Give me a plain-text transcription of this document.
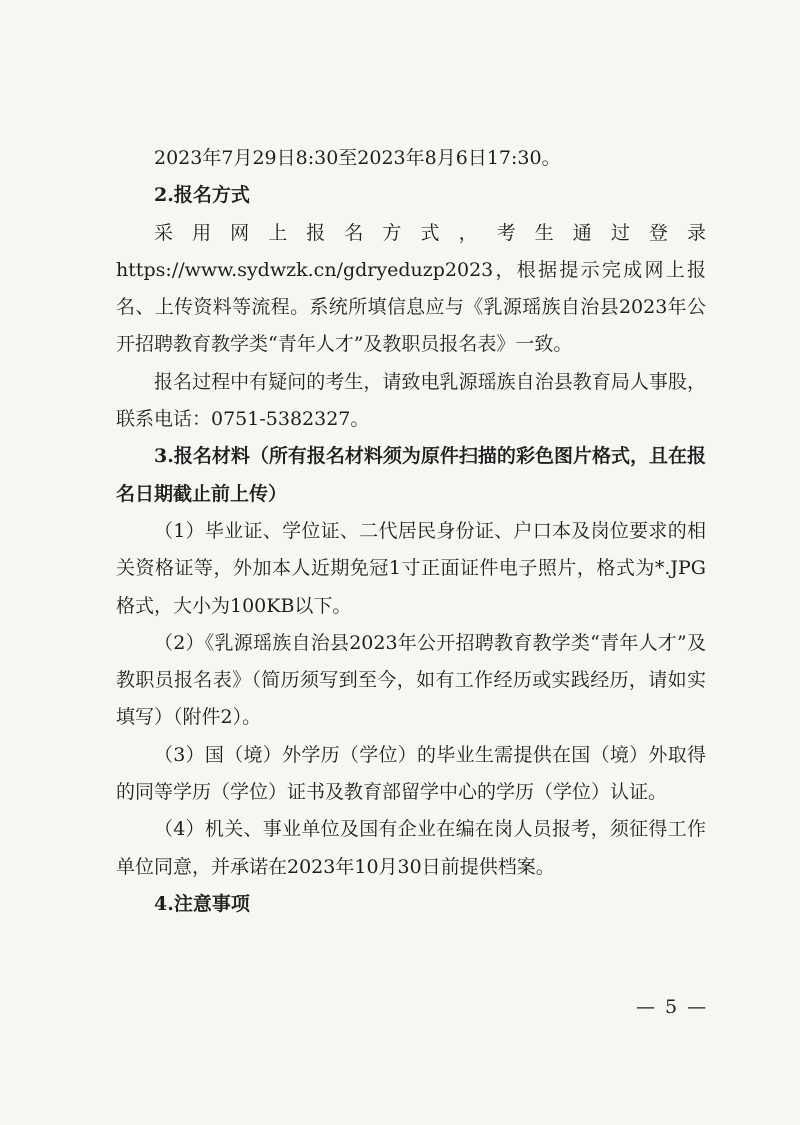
2023年7月29日8:30至2023年8月6日17:30。

2.报名方式

采用网上报名方式，考生通过登录

https://www.sydwzk.cn/gdryeduzp2023，根据提示完成网上报名、上传资料等流程。系统所填信息应与《乳源瑶族自治县2023年公开招聘教育教学类“青年人才”及教职员报名表》一致。

报名过程中有疑问的考生，请致电乳源瑶族自治县教育局人事股，联系电话：0751-5382327。

3.报名材料（所有报名材料须为原件扫描的彩色图片格式，且在报名日期截止前上传）

（1）毕业证、学位证、二代居民身份证、户口本及岗位要求的相关资格证等，外加本人近期免冠1寸正面证件电子照片，格式为*.JPG格式，大小为100KB以下。

（2）《乳源瑶族自治县2023年公开招聘教育教学类“青年人才”及教职员报名表》（简历须写到至今，如有工作经历或实践经历，请如实填写）（附件2）。

（3）国（境）外学历（学位）的毕业生需提供在国（境）外取得的同等学历（学位）证书及教育部留学中心的学历（学位）认证。

（4）机关、事业单位及国有企业在编在岗人员报考，须征得工作单位同意，并承诺在2023年10月30日前提供档案。

4.注意事项

— 5 —
